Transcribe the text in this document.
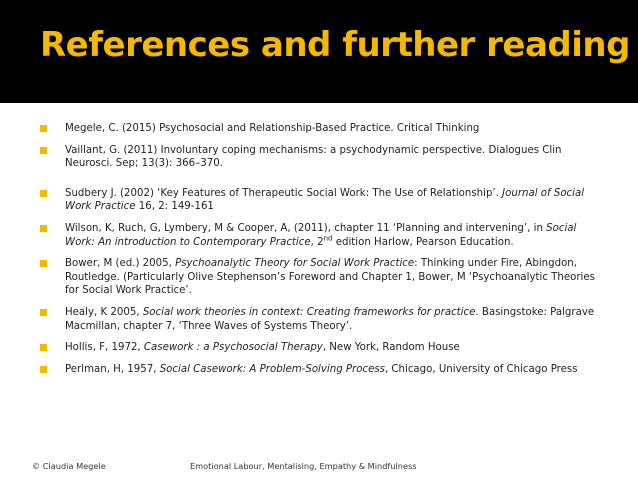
References and further reading
Megele, C. (2015) Psychosocial and Relationship-Based Practice. Critical Thinking
Vaillant, G. (2011) Involuntary coping mechanisms: a psychodynamic perspective. Dialogues Clin Neurosci. Sep; 13(3): 366–370.
Sudbery J. (2002) ‘Key Features of Therapeutic Social Work: The Use of Relationship’. Journal of Social Work Practice 16, 2: 149-161
Wilson, K, Ruch, G, Lymbery, M & Cooper, A, (2011), chapter 11 ‘Planning and intervening’, in Social Work: An introduction to Contemporary Practice, 2nd edition Harlow, Pearson Education.
Bower, M (ed.) 2005, Psychoanalytic Theory for Social Work Practice: Thinking under Fire, Abingdon, Routledge. (Particularly Olive Stephenson’s Foreword and Chapter 1, Bower, M ‘Psychoanalytic Theories for Social Work Practice’.
Healy, K 2005, Social work theories in context: Creating frameworks for practice. Basingstoke: Palgrave Macmillan, chapter 7, ‘Three Waves of Systems Theory’.
Hollis, F, 1972, Casework : a Psychosocial Therapy, New York, Random House
Perlman, H, 1957, Social Casework: A Problem-Solving Process, Chicago, University of Chicago Press
© Claudia Megele	Emotional Labour, Mentalising, Empathy & Mindfulness
